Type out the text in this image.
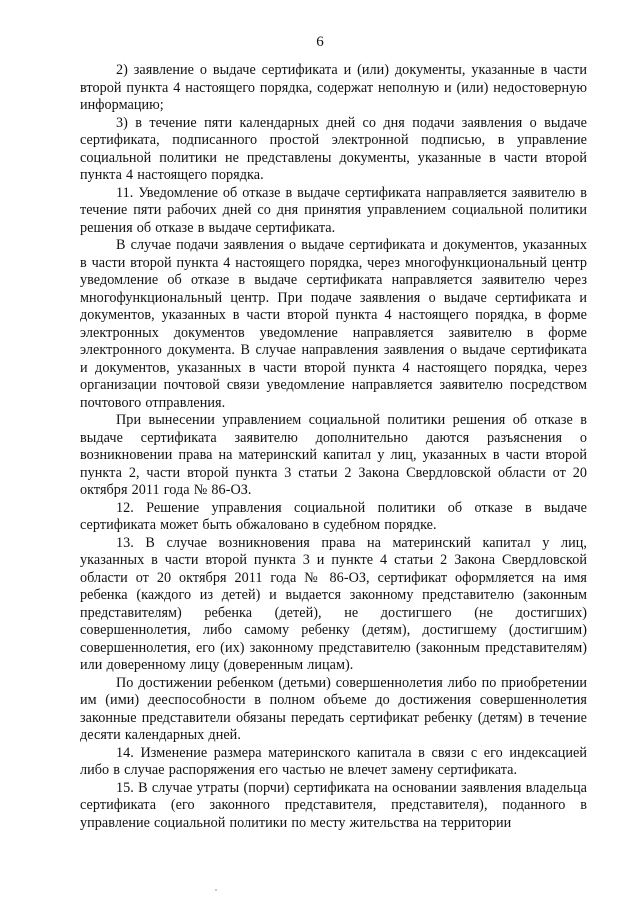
6

2) заявление о выдаче сертификата и (или) документы, указанные в части второй пункта 4 настоящего порядка, содержат неполную и (или) недостоверную информацию;

3) в течение пяти календарных дней со дня подачи заявления о выдаче сертификата, подписанного простой электронной подписью, в управление социальной политики не представлены документы, указанные в части второй пункта 4 настоящего порядка.

11. Уведомление об отказе в выдаче сертификата направляется заявителю в течение пяти рабочих дней со дня принятия управлением социальной политики решения об отказе в выдаче сертификата.

В случае подачи заявления о выдаче сертификата и документов, указанных в части второй пункта 4 настоящего порядка, через многофункциональный центр уведомление об отказе в выдаче сертификата направляется заявителю через многофункциональный центр. При подаче заявления о выдаче сертификата и документов, указанных в части второй пункта 4 настоящего порядка, в форме электронных документов уведомление направляется заявителю в форме электронного документа. В случае направления заявления о выдаче сертификата и документов, указанных в части второй пункта 4 настоящего порядка, через организации почтовой связи уведомление направляется заявителю посредством почтового отправления.

При вынесении управлением социальной политики решения об отказе в выдаче сертификата заявителю дополнительно даются разъяснения о возникновении права на материнский капитал у лиц, указанных в части второй пункта 2, части второй пункта 3 статьи 2 Закона Свердловской области от 20 октября 2011 года № 86-ОЗ.

12. Решение управления социальной политики об отказе в выдаче сертификата может быть обжаловано в судебном порядке.

13. В случае возникновения права на материнский капитал у лиц, указанных в части второй пункта 3 и пункте 4 статьи 2 Закона Свердловской области от 20 октября 2011 года № 86-ОЗ, сертификат оформляется на имя ребенка (каждого из детей) и выдается законному представителю (законным представителям) ребенка (детей), не достигшего (не достигших) совершеннолетия, либо самому ребенку (детям), достигшему (достигшим) совершеннолетия, его (их) законному представителю (законным представителям) или доверенному лицу (доверенным лицам).

По достижении ребенком (детьми) совершеннолетия либо по приобретении им (ими) дееспособности в полном объеме до достижения совершеннолетия законные представители обязаны передать сертификат ребенку (детям) в течение десяти календарных дней.

14. Изменение размера материнского капитала в связи с его индексацией либо в случае распоряжения его частью не влечет замену сертификата.

15. В случае утраты (порчи) сертификата на основании заявления владельца сертификата (его законного представителя, представителя), поданного в управление социальной политики по месту жительства на территории
